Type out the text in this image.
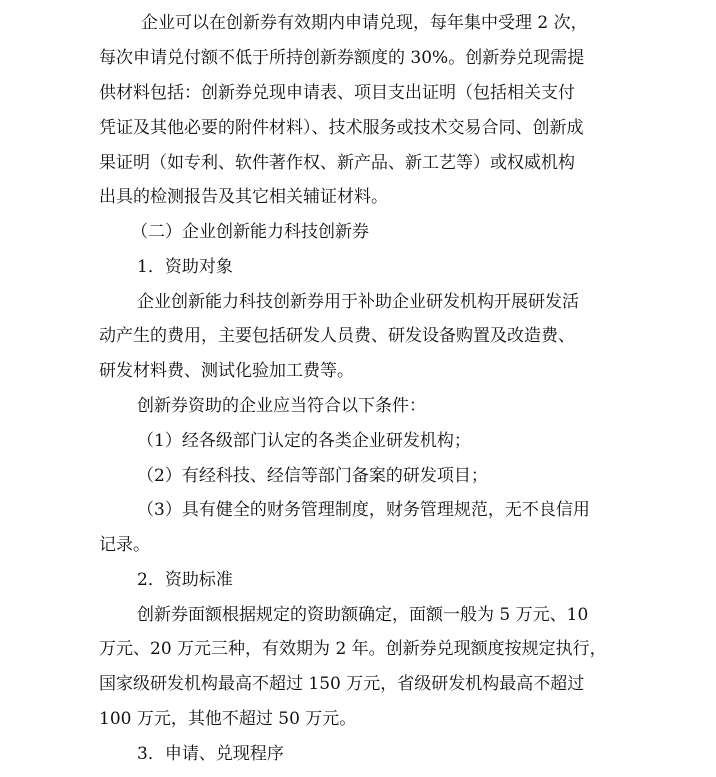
企业可以在创新券有效期内申请兑现，每年集中受理 2 次，
每次申请兑付额不低于所持创新券额度的 30%。创新券兑现需提
供材料包括：创新券兑现申请表、项目支出证明（包括相关支付
凭证及其他必要的附件材料）、技术服务或技术交易合同、创新成
果证明（如专利、软件著作权、新产品、新工艺等）或权威机构
出具的检测报告及其它相关辅证材料。
（二）企业创新能力科技创新券
1．资助对象
企业创新能力科技创新券用于补助企业研发机构开展研发活
动产生的费用，主要包括研发人员费、研发设备购置及改造费、
研发材料费、测试化验加工费等。
创新券资助的企业应当符合以下条件：
（1）经各级部门认定的各类企业研发机构；
（2）有经科技、经信等部门备案的研发项目；
（3）具有健全的财务管理制度，财务管理规范，无不良信用
记录。
2．资助标准
创新券面额根据规定的资助额确定，面额一般为 5 万元、10
万元、20 万元三种，有效期为 2 年。创新券兑现额度按规定执行，
国家级研发机构最高不超过 150 万元，省级研发机构最高不超过
100 万元，其他不超过 50 万元。
3．申请、兑现程序
